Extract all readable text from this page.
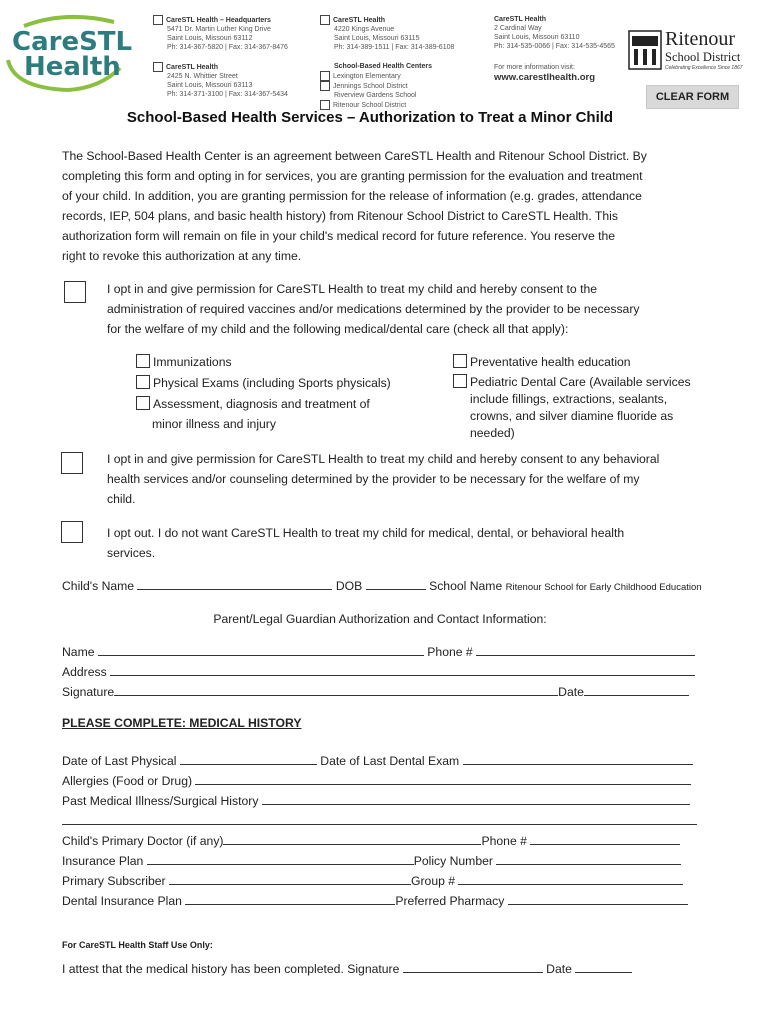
CareSTL
Health
CareSTL Health – Headquarters
5471 Dr. Martin Luther King Drive
Saint Louis, Missouri 63112
Ph: 314-367-5820 | Fax: 314-367-8476
CareSTL Health
2425 N. Whittier Street
Saint Louis, Missouri 63113
Ph: 314-371-3100 | Fax: 314-367-5434
CareSTL Health
4220 Kings Avenue
Saint Louis, Missouri 63115
Ph: 314-389-1511 | Fax: 314-389-6108
School-Based Health Centers
Lexington Elementary
Jennings School District
Riverview Gardens School
Ritenour School District
CareSTL Health
2 Cardinal Way
Saint Louis, Missouri 63110
Ph: 314-535-0066 | Fax: 314-535-4565
For more information visit:
www.carestlhealth.org
Ritenour
School District
Celebrating Excellence Since 1867
CLEAR FORM
School-Based Health Services – Authorization to Treat a Minor Child
The School-Based Health Center is an agreement between CareSTL Health and Ritenour School District. By
completing this form and opting in for services, you are granting permission for the evaluation and treatment
of your child. In addition, you are granting permission for the release of information (e.g. grades, attendance
records, IEP, 504 plans, and basic health history) from Ritenour School District to CareSTL Health. This
authorization form will remain on file in your child's medical record for future reference. You reserve the
right to revoke this authorization at any time.
I opt in and give permission for CareSTL Health to treat my child and hereby consent to the
administration of required vaccines and/or medications determined by the provider to be necessary
for the welfare of my child and the following medical/dental care (check all that apply):
Immunizations
Physical Exams (including Sports physicals)
Assessment, diagnosis and treatment of
minor illness and injury
Preventative health education
Pediatric Dental Care (Available services
include fillings, extractions, sealants,
crowns, and silver diamine fluoride as
needed)
I opt in and give permission for CareSTL Health to treat my child and hereby consent to any behavioral
health services and/or counseling determined by the provider to be necessary for the welfare of my
child.
I opt out. I do not want CareSTL Health to treat my child for medical, dental, or behavioral health
services.
Child's Name	DOB	School Name Ritenour School for Early Childhood Education
Parent/Legal Guardian Authorization and Contact Information:
Name	Phone #
Address
Signature	Date
PLEASE COMPLETE: MEDICAL HISTORY
Date of Last Physical	Date of Last Dental Exam
Allergies (Food or Drug)
Past Medical Illness/Surgical History
Child's Primary Doctor (if any)	Phone #
Insurance Plan	Policy Number
Primary Subscriber	Group #
Dental Insurance Plan	Preferred Pharmacy
For CareSTL Health Staff Use Only:
I attest that the medical history has been completed. Signature	Date
